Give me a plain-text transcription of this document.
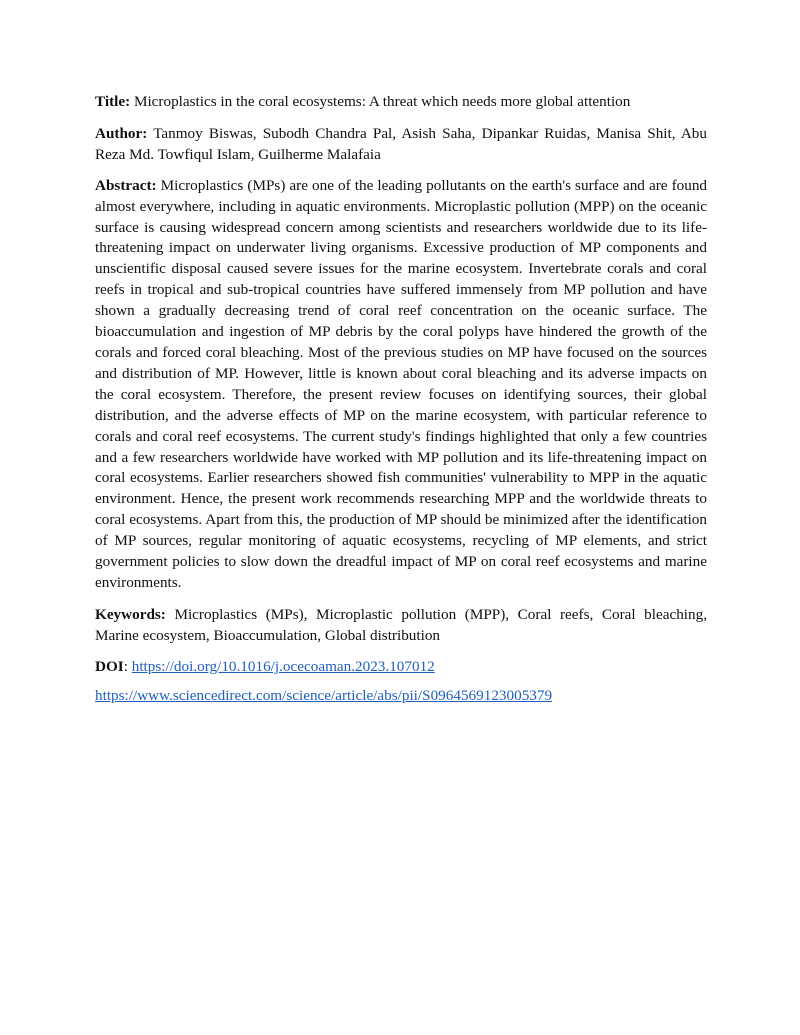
Title: Microplastics in the coral ecosystems: A threat which needs more global attention

Author: Tanmoy Biswas, Subodh Chandra Pal, Asish Saha, Dipankar Ruidas, Manisa Shit, Abu Reza Md. Towfiqul Islam, Guilherme Malafaia

Abstract: Microplastics (MPs) are one of the leading pollutants on the earth's surface and are found almost everywhere, including in aquatic environments. Microplastic pollution (MPP) on the oceanic surface is causing widespread concern among scientists and researchers worldwide due to its life-threatening impact on underwater living organisms. Excessive production of MP components and unscientific disposal caused severe issues for the marine ecosystem. Invertebrate corals and coral reefs in tropical and sub-tropical countries have suffered immensely from MP pollution and have shown a gradually decreasing trend of coral reef concentration on the oceanic surface. The bioaccumulation and ingestion of MP debris by the coral polyps have hindered the growth of the corals and forced coral bleaching. Most of the previous studies on MP have focused on the sources and distribution of MP. However, little is known about coral bleaching and its adverse impacts on the coral ecosystem. Therefore, the present review focuses on identifying sources, their global distribution, and the adverse effects of MP on the marine ecosystem, with particular reference to corals and coral reef ecosystems. The current study's findings highlighted that only a few countries and a few researchers worldwide have worked with MP pollution and its life-threatening impact on coral ecosystems. Earlier researchers showed fish communities' vulnerability to MPP in the aquatic environment. Hence, the present work recommends researching MPP and the worldwide threats to coral ecosystems. Apart from this, the production of MP should be minimized after the identification of MP sources, regular monitoring of aquatic ecosystems, recycling of MP elements, and strict government policies to slow down the dreadful impact of MP on coral reef ecosystems and marine environments.

Keywords: Microplastics (MPs), Microplastic pollution (MPP), Coral reefs, Coral bleaching, Marine ecosystem, Bioaccumulation, Global distribution

DOI: https://doi.org/10.1016/j.ocecoaman.2023.107012

https://www.sciencedirect.com/science/article/abs/pii/S0964569123005379
